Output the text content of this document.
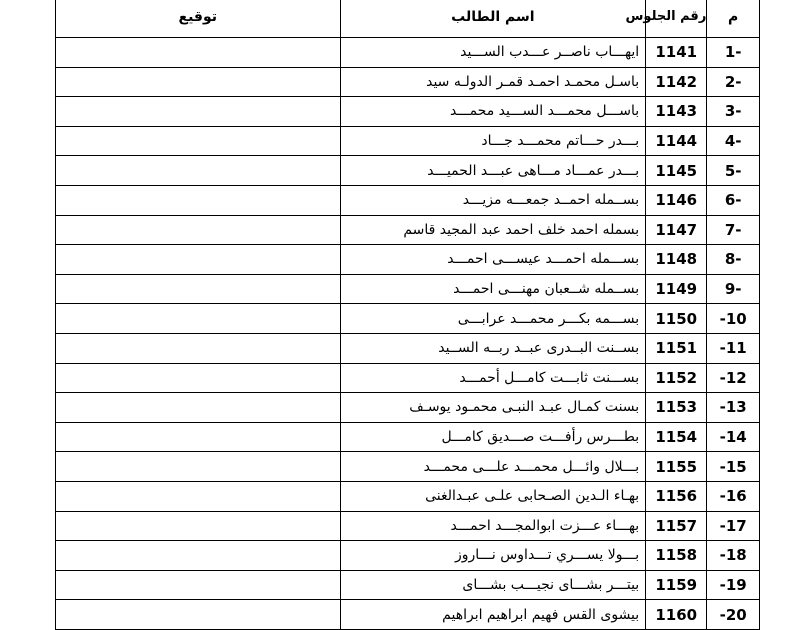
م	رقم الجلوس	اسم الطالب	توقيع
1-	1141	ايهـــاب ناصــر عـــدب الســـيد	
2-	1142	باسـل محمـد احمـد قمـر الدولـه سيد	
3-	1143	باســـل محمـــد الســـيد محمـــد	
4-	1144	بـــدر حـــاتم محمـــد جـــاد	
5-	1145	بـــدر عمـــاد مـــاهى عبـــد الحميـــد	
6-	1146	بســمله احمــد جمعـــه مزيـــد	
7-	1147	بسمله احمد خلف احمد عبد المجيد قاسم	
8-	1148	بســـمله احمـــد عيســـى احمـــد	
9-	1149	بســمله شــعبان مهنـــى احمـــد	
-10	1150	بســـمه بكـــر محمـــد عرابـــى	
-11	1151	بســنت البــدرى عبــد ربــه الســيد	
-12	1152	بســـنت ثابـــت كامـــل أحمـــد	
-13	1153	بسنت كمـال عبـد النبـى محمـود يوسـف	
-14	1154	بطـــرس رأفـــت صـــديق كامـــل	
-15	1155	بـــلال وائـــل محمـــد علـــى محمـــد	
-16	1156	بهـاء الـدين الصـحابى علـى عبـدالغنى	
-17	1157	بهـــاء عـــزت ابوالمجـــد احمـــد	
-18	1158	بـــولا يســـري تـــداوس نـــاروز	
-19	1159	بيتـــر بشـــاى نجيـــب بشـــاى	
-20	1160	بيشوى القس فهيم ابراهيم ابراهيم	
